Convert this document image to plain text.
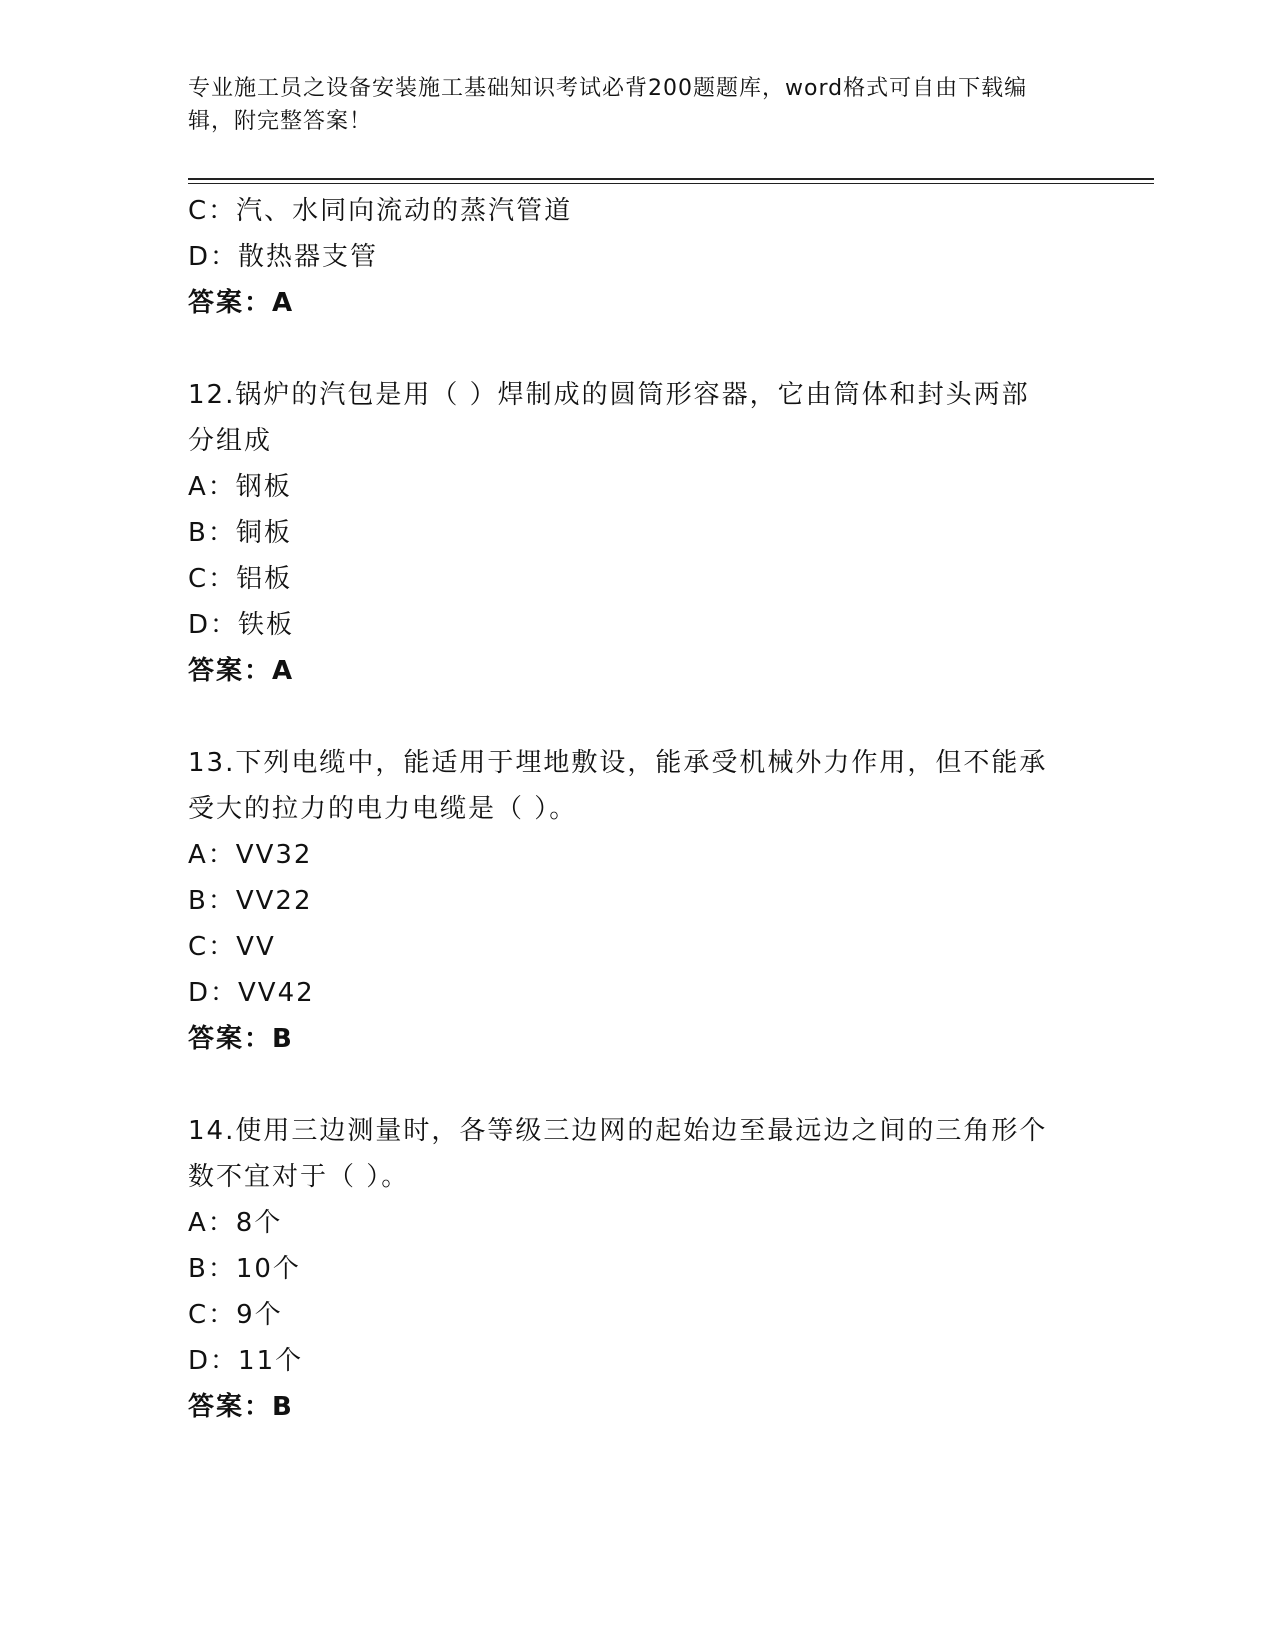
专业施工员之设备安装施工基础知识考试必背200题题库，word格式可自由下载编辑，附完整答案！
C：汽、水同向流动的蒸汽管道
D：散热器支管
答案：A
12.锅炉的汽包是用（ ）焊制成的圆筒形容器，它由筒体和封头两部
分组成
A：钢板
B：铜板
C：铝板
D：铁板
答案：A
13.下列电缆中，能适用于埋地敷设，能承受机械外力作用，但不能承
受大的拉力的电力电缆是（ ）。
A：VV32
B：VV22
C：VV
D：VV42
答案：B
14.使用三边测量时，各等级三边网的起始边至最远边之间的三角形个
数不宜对于（ ）。
A：8个
B：10个
C：9个
D：11个
答案：B
